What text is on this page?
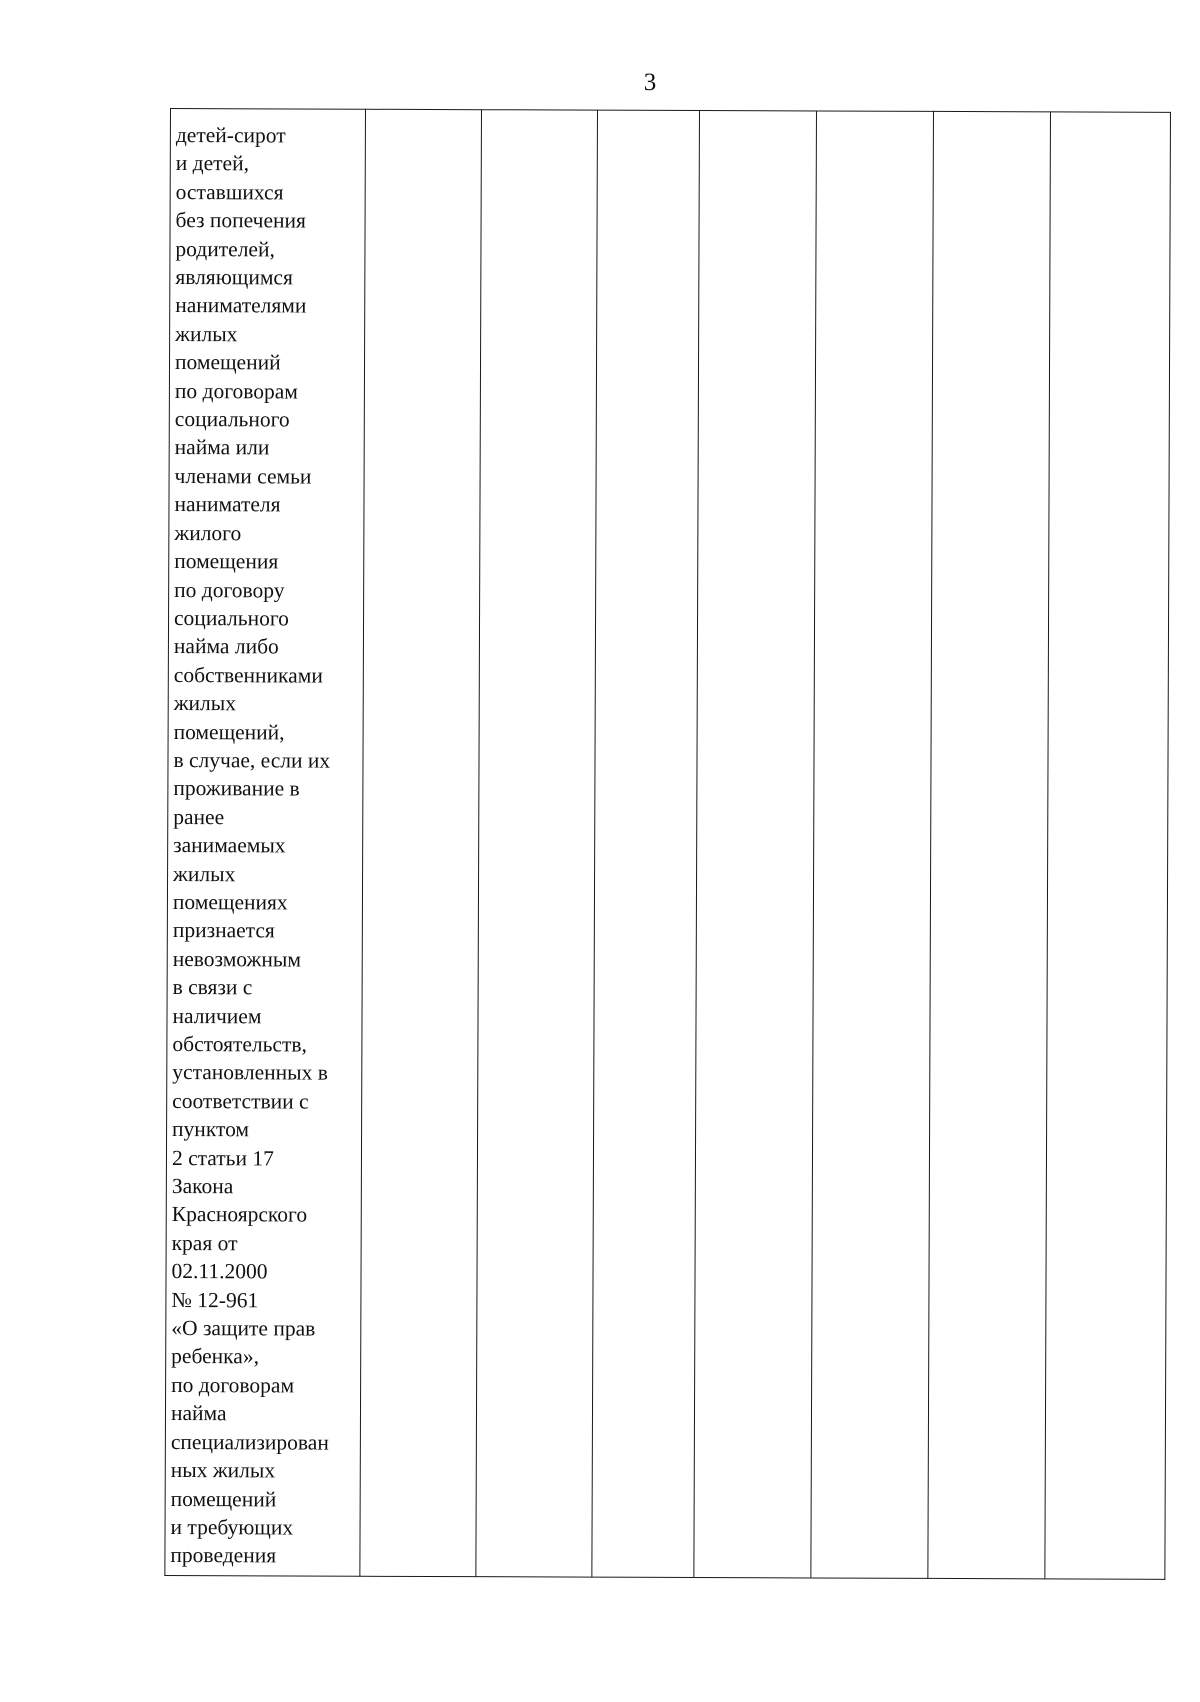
3
детей-сирот
и детей,
оставшихся
без попечения
родителей,
являющимся
нанимателями
жилых
помещений
по договорам
социального
найма или
членами семьи
нанимателя
жилого
помещения
по договору
социального
найма либо
собственниками
жилых
помещений,
в случае, если их
проживание в
ранее
занимаемых
жилых
помещениях
признается
невозможным
в связи с
наличием
обстоятельств,
установленных в
соответствии с
пунктом
2 статьи 17
Закона
Красноярского
края от
02.11.2000
№ 12-961
«О защите прав
ребенка»,
по договорам
найма
специализирован
ных жилых
помещений
и требующих
проведения
